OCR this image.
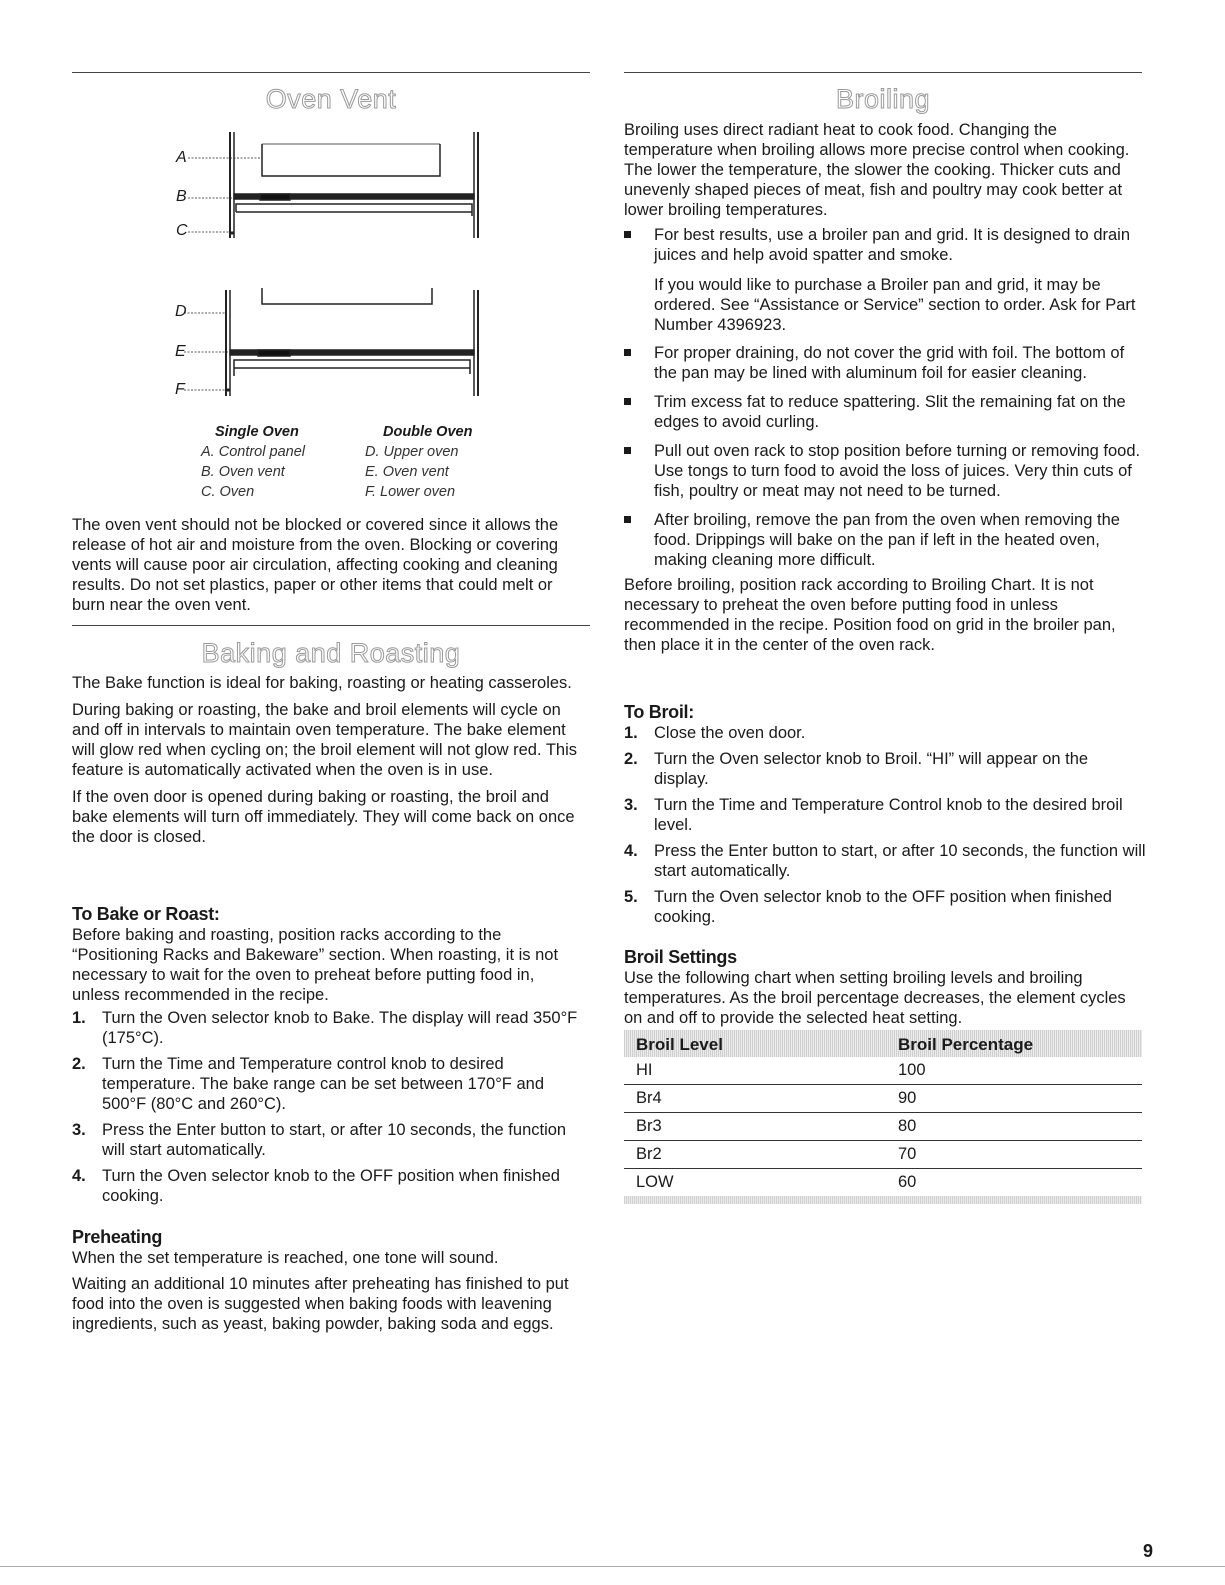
Oven Vent
A
B
C
D
E
F
Single Oven
A. Control panel
B. Oven vent
C. Oven
Double Oven
D. Upper oven
E. Oven vent
F. Lower oven

The oven vent should not be blocked or covered since it allows the release of hot air and moisture from the oven. Blocking or covering vents will cause poor air circulation, affecting cooking and cleaning results. Do not set plastics, paper or other items that could melt or burn near the oven vent.

Baking and Roasting

The Bake function is ideal for baking, roasting or heating casseroles.

During baking or roasting, the bake and broil elements will cycle on and off in intervals to maintain oven temperature. The bake element will glow red when cycling on; the broil element will not glow red. This feature is automatically activated when the oven is in use.

If the oven door is opened during baking or roasting, the broil and bake elements will turn off immediately. They will come back on once the door is closed.

To Bake or Roast:

Before baking and roasting, position racks according to the “Positioning Racks and Bakeware” section. When roasting, it is not necessary to wait for the oven to preheat before putting food in, unless recommended in the recipe.

1. Turn the Oven selector knob to Bake. The display will read 350°F (175°C).
2. Turn the Time and Temperature control knob to desired temperature. The bake range can be set between 170°F and 500°F (80°C and 260°C).
3. Press the Enter button to start, or after 10 seconds, the function will start automatically.
4. Turn the Oven selector knob to the OFF position when finished cooking.
Preheating

When the set temperature is reached, one tone will sound.

Waiting an additional 10 minutes after preheating has finished to put food into the oven is suggested when baking foods with leavening ingredients, such as yeast, baking powder, baking soda and eggs.

Broiling

Broiling uses direct radiant heat to cook food. Changing the temperature when broiling allows more precise control when cooking. The lower the temperature, the slower the cooking. Thicker cuts and unevenly shaped pieces of meat, fish and poultry may cook better at lower broiling temperatures.

For best results, use a broiler pan and grid. It is designed to drain juices and help avoid spatter and smoke.

If you would like to purchase a Broiler pan and grid, it may be ordered. See “Assistance or Service” section to order. Ask for Part Number 4396923.

For proper draining, do not cover the grid with foil. The bottom of the pan may be lined with aluminum foil for easier cleaning.
Trim excess fat to reduce spattering. Slit the remaining fat on the edges to avoid curling.
Pull out oven rack to stop position before turning or removing food. Use tongs to turn food to avoid the loss of juices. Very thin cuts of fish, poultry or meat may not need to be turned.
After broiling, remove the pan from the oven when removing the food. Drippings will bake on the pan if left in the heated oven, making cleaning more difficult.

Before broiling, position rack according to Broiling Chart. It is not necessary to preheat the oven before putting food in unless recommended in the recipe. Position food on grid in the broiler pan, then place it in the center of the oven rack.

To Broil:
1. Close the oven door.
2. Turn the Oven selector knob to Broil. “HI” will appear on the display.
3. Turn the Time and Temperature Control knob to the desired broil level.
4. Press the Enter button to start, or after 10 seconds, the function will start automatically.
5. Turn the Oven selector knob to the OFF position when finished cooking.
Broil Settings

Use the following chart when setting broiling levels and broiling temperatures. As the broil percentage decreases, the element cycles on and off to provide the selected heat setting.

Broil Level	Broil Percentage
HI	100
Br4	90
Br3	80
Br2	70
LOW	60
9
